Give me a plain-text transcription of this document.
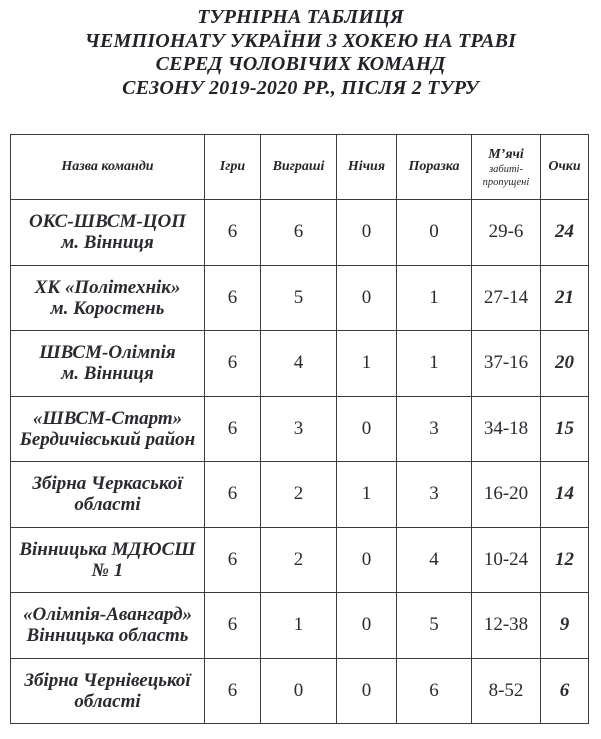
ТУРНІРНА ТАБЛИЦЯ
ЧЕМПІОНАТУ УКРАЇНИ З ХОКЕЮ НА ТРАВІ
СЕРЕД ЧОЛОВІЧИХ КОМАНД
СЕЗОНУ 2019-2020 РР., ПІСЛЯ 2 ТУРУ
Назва команди	Ігри	Виграші	Нічия	Поразка	М’ячі
забиті-
пропущені	Очки

ОКС-ШВСМ-ЦОП
м. Вінниця	6	6	0	0	29-6	24

ХК «Політехнік»
м. Коростень	6	5	0	1	27-14	21

ШВСМ-Олімпія
м. Вінниця	6	4	1	1	37-16	20

«ШВСМ-Старт»
Бердичівський район	6	3	0	3	34-18	15

Збірна Черкаської
області	6	2	1	3	16-20	14

Вінницька МДЮСШ
№ 1	6	2	0	4	10-24	12

«Олімпія-Авангард»
Вінницька область	6	1	0	5	12-38	9

Збірна Чернівецької
області	6	0	0	6	8-52	6
